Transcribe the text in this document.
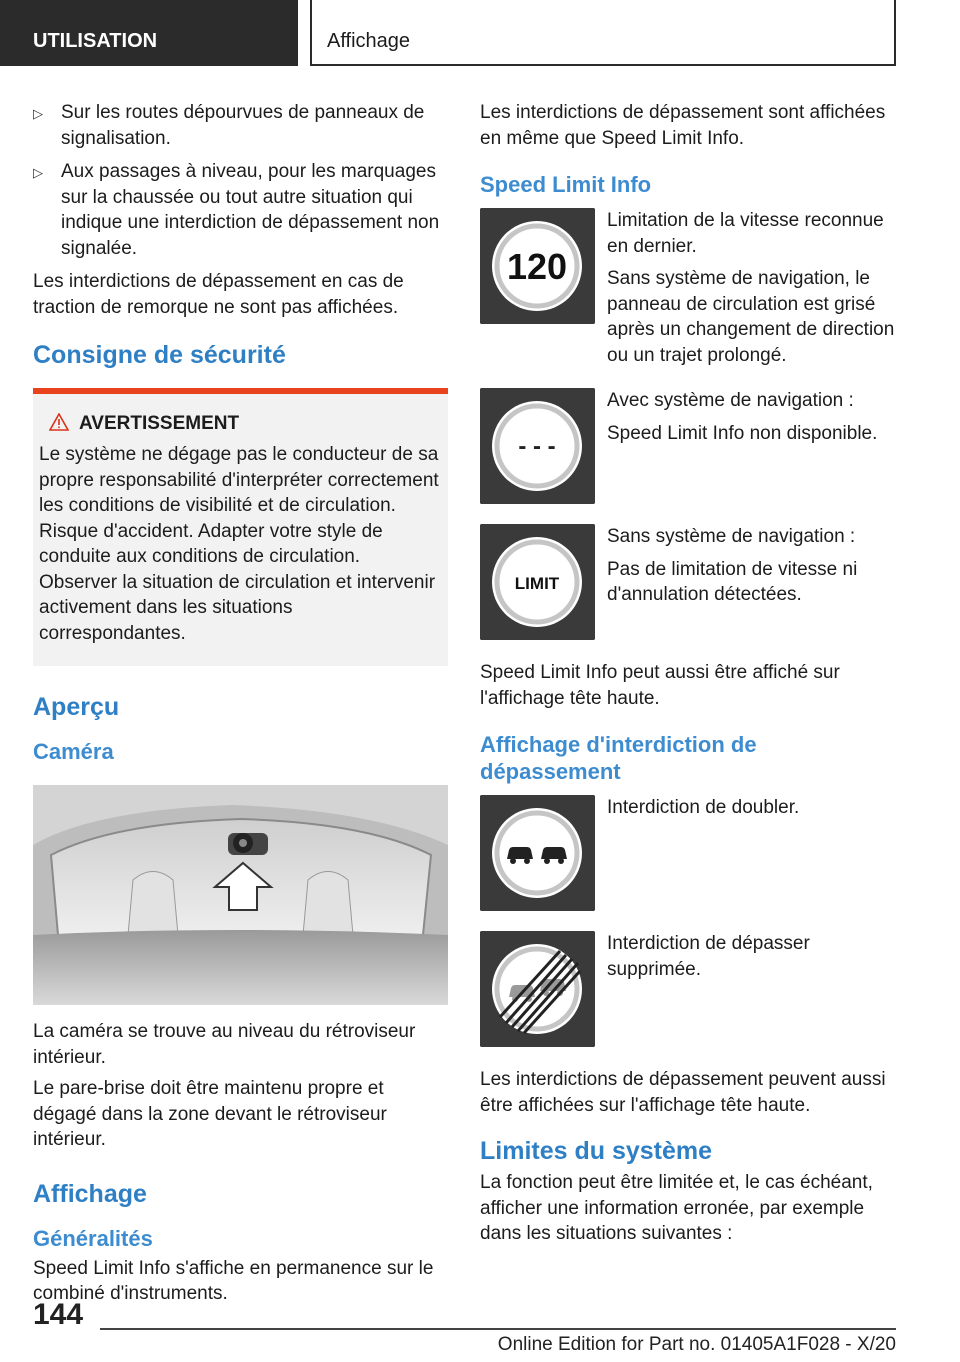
UTILISATION	Affichage
▷ Sur les routes dépourvues de panneaux de signalisation.
▷ Aux passages à niveau, pour les marquages sur la chaussée ou tout autre situation qui indique une interdiction de dépassement non signalée.

Les interdictions de dépassement en cas de traction de remorque ne sont pas affichées.

Consigne de sécurité
AVERTISSEMENT

Le système ne dégage pas le conducteur de sa propre responsabilité d'interpréter correctement les conditions de visibilité et de circulation. Risque d'accident. Adapter votre style de conduite aux conditions de circulation. Observer la situation de circulation et intervenir activement dans les situations correspondantes.

Aperçu
Caméra

La caméra se trouve au niveau du rétroviseur intérieur.

Le pare-brise doit être maintenu propre et dégagé dans la zone devant le rétroviseur intérieur.

Affichage
Généralités

Speed Limit Info s'affiche en permanence sur le combiné d'instruments.

Les interdictions de dépassement sont affichées en même que Speed Limit Info.

Speed Limit Info
120

Limitation de la vitesse reconnue en dernier.

Sans système de navigation, le panneau de circulation est grisé après un changement de direction ou un trajet prolongé.

- - -

Avec système de navigation :

Speed Limit Info non disponible.

LIMIT

Sans système de navigation :

Pas de limitation de vitesse ni d'annulation détectées.

Speed Limit Info peut aussi être affiché sur l'affichage tête haute.

Affichage d'interdiction de dépassement

Interdiction de doubler.

Interdiction de dépasser supprimée.

Les interdictions de dépassement peuvent aussi être affichées sur l'affichage tête haute.

Limites du système

La fonction peut être limitée et, le cas échéant, afficher une information erronée, par exemple dans les situations suivantes :

144
Online Edition for Part no. 01405A1F028 - X/20
